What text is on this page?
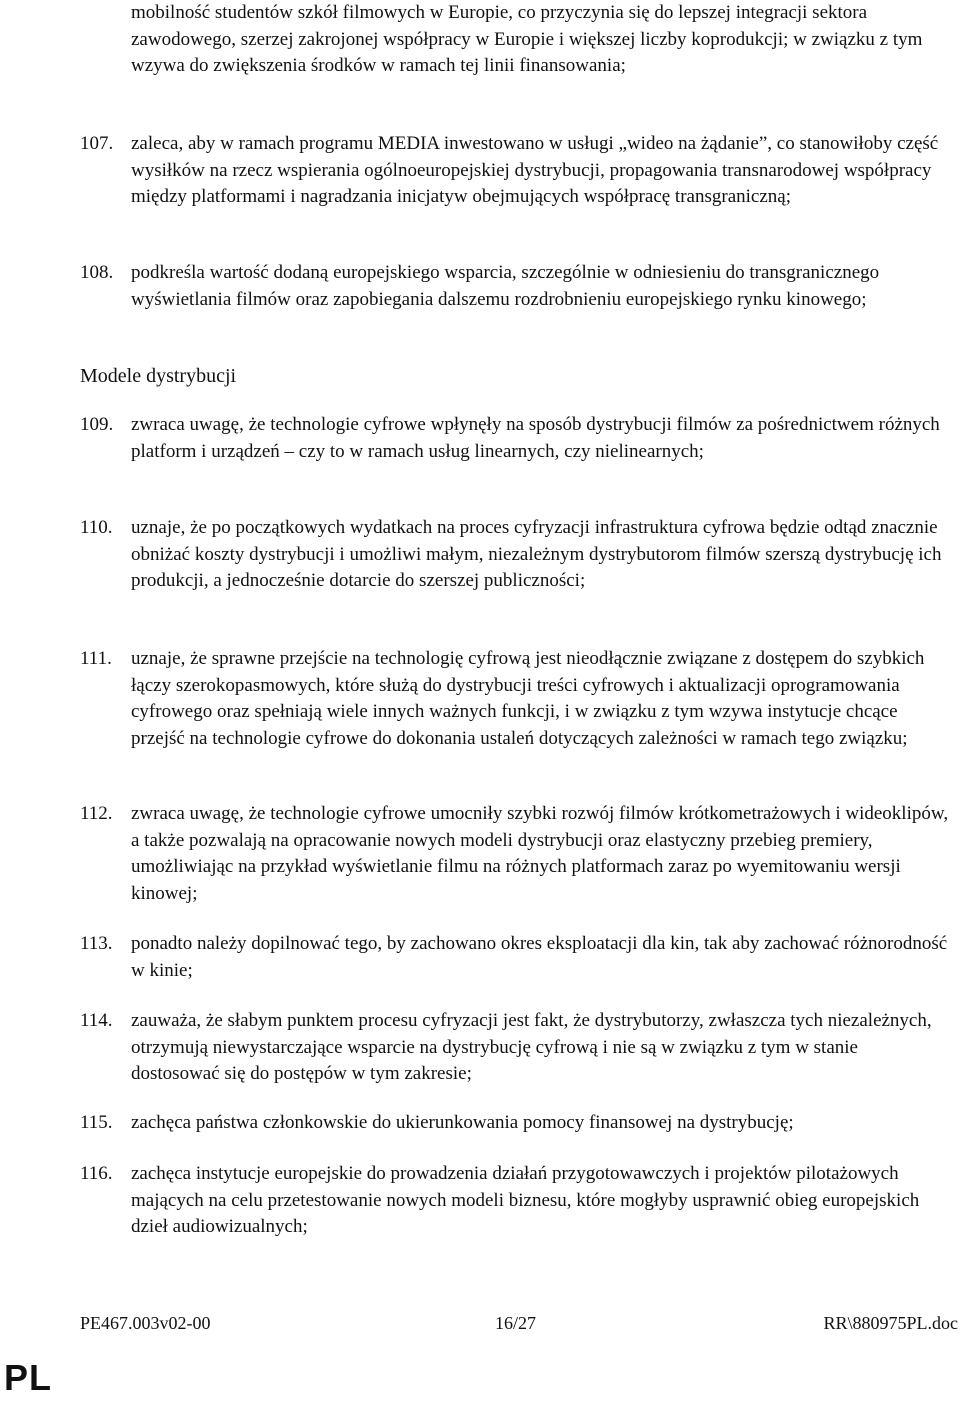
mobilność studentów szkół filmowych w Europie, co przyczynia się do lepszej integracji sektora zawodowego, szerzej zakrojonej współpracy w Europie i większej liczby koprodukcji; w związku z tym wzywa do zwiększenia środków w ramach tej linii finansowania;
107. zaleca, aby w ramach programu MEDIA inwestowano w usługi „wideo na żądanie”, co stanowiłoby część wysiłków na rzecz wspierania ogólnoeuropejskiej dystrybucji, propagowania transnarodowej współpracy między platformami i nagradzania inicjatyw obejmujących współpracę transgraniczną;
108. podkreśla wartość dodaną europejskiego wsparcia, szczególnie w odniesieniu do transgranicznego wyświetlania filmów oraz zapobiegania dalszemu rozdrobnieniu europejskiego rynku kinowego;
Modele dystrybucji
109. zwraca uwagę, że technologie cyfrowe wpłynęły na sposób dystrybucji filmów za pośrednictwem różnych platform i urządzeń – czy to w ramach usług linearnych, czy nielinearnych;
110. uznaje, że po początkowych wydatkach na proces cyfryzacji infrastruktura cyfrowa będzie odtąd znacznie obniżać koszty dystrybucji i umożliwi małym, niezależnym dystrybutorom filmów szerszą dystrybucję ich produkcji, a jednocześnie dotarcie do szerszej publiczności;
111.	uznaje, że sprawne przejście na technologię cyfrową jest nieodłącznie związane z dostępem do szybkich łączy szerokopasmowych, które służą do dystrybucji treści cyfrowych i aktualizacji oprogramowania cyfrowego oraz spełniają wiele innych ważnych funkcji, i w związku z tym wzywa instytucje chcące przejść na technologie cyfrowe do dokonania ustaleń dotyczących zależności w ramach tego związku;
112. zwraca uwagę, że technologie cyfrowe umocniły szybki rozwój filmów krótkometrażowych i wideoklipów, a także pozwalają na opracowanie nowych modeli dystrybucji oraz elastyczny przebieg premiery, umożliwiając na przykład wyświetlanie filmu na różnych platformach zaraz po wyemitowaniu wersji kinowej;
113. ponadto należy dopilnować tego, by zachowano okres eksploatacji dla kin, tak aby zachować różnorodność w kinie;
114. zauważa, że słabym punktem procesu cyfryzacji jest fakt, że dystrybutorzy, zwłaszcza tych niezależnych, otrzymują niewystarczające wsparcie na dystrybucję cyfrową i nie są w związku z tym w stanie dostosować się do postępów w tym zakresie;
115. zachęca państwa członkowskie do ukierunkowania pomocy finansowej na dystrybucję;
116. zachęca instytucje europejskie do prowadzenia działań przygotowawczych i projektów pilotażowych mających na celu przetestowanie nowych modeli biznesu, które mogłyby usprawnić obieg europejskich dzieł audiowizualnych;
PE467.003v02-00	16/27	RR\880975PL.doc
PL
